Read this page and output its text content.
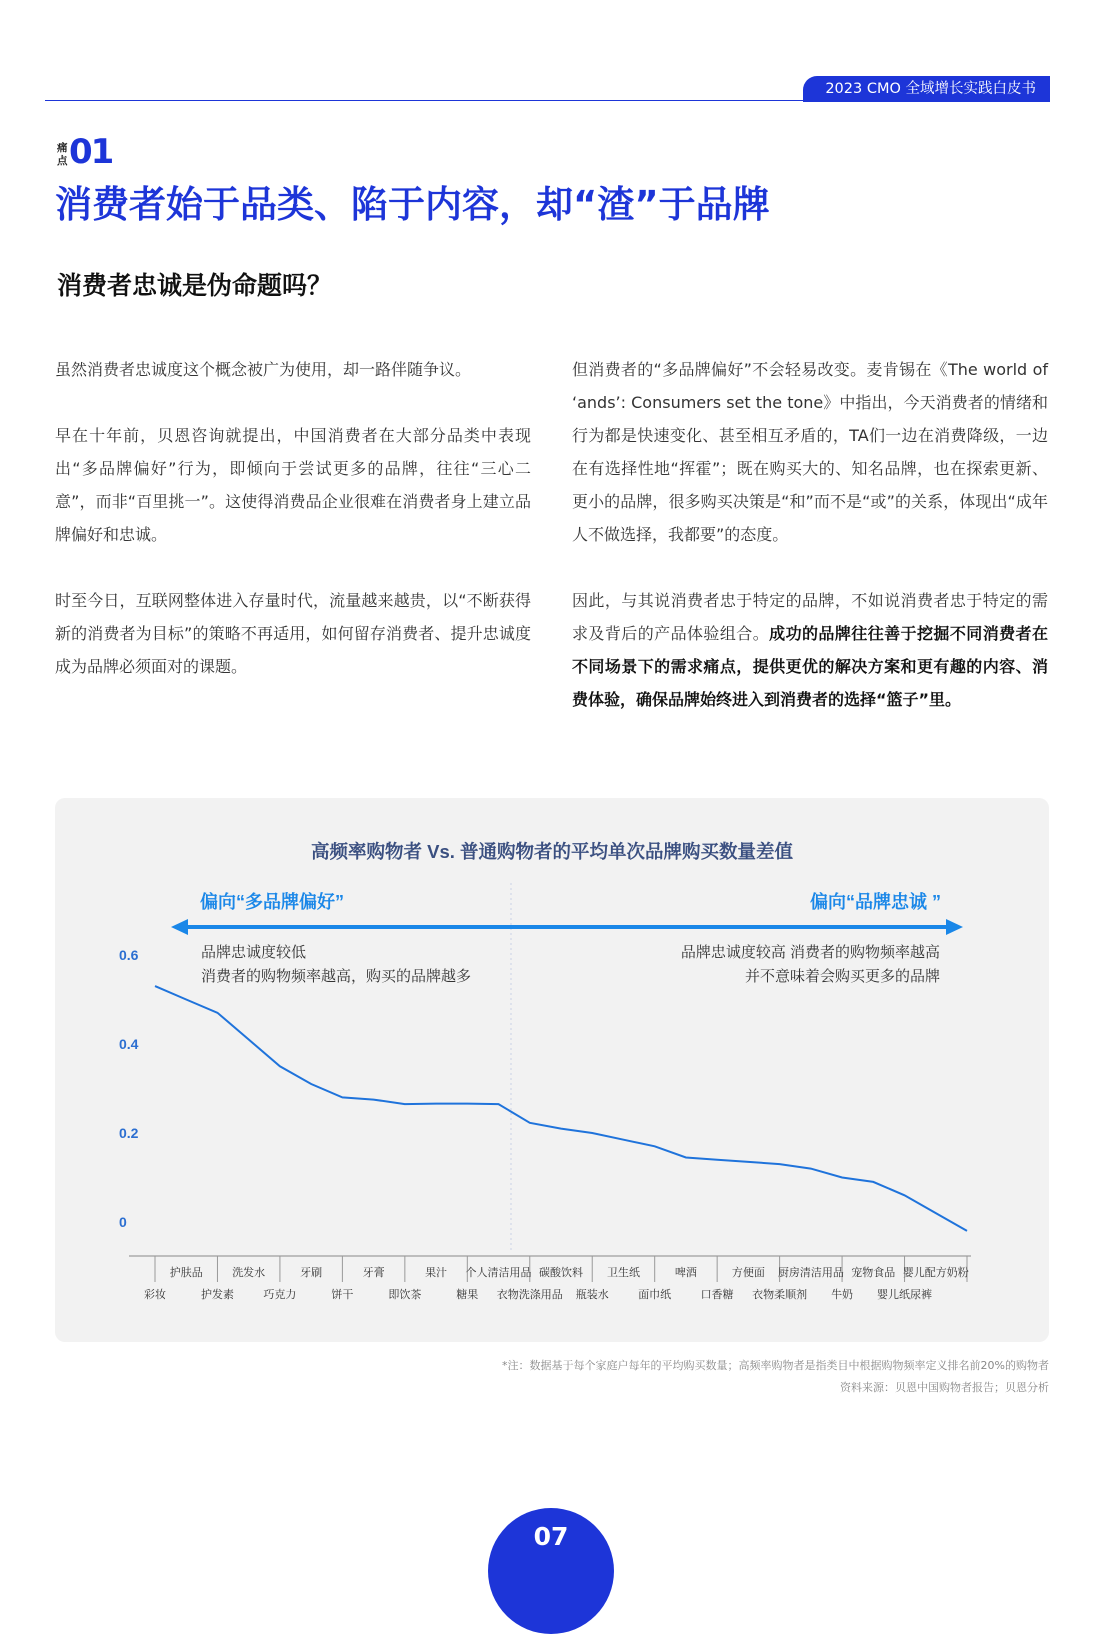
2023 CMO 全域增长实践白皮书
痛点 01
消费者始于品类、陷于内容，却“渣”于品牌
消费者忠诚是伪命题吗？

虽然消费者忠诚度这个概念被广为使用，却一路伴随争议。

早在十年前，贝恩咨询就提出，中国消费者在大部分品类中表现出“多品牌偏好”行为，即倾向于尝试更多的品牌，往往“三心二意”，而非“百里挑一”。这使得消费品企业很难在消费者身上建立品牌偏好和忠诚。

时至今日，互联网整体进入存量时代，流量越来越贵，以“不断获得新的消费者为目标”的策略不再适用，如何留存消费者、提升忠诚度成为品牌必须面对的课题。

但消费者的“多品牌偏好”不会轻易改变。麦肯锡在《The world of ‘ands’: Consumers set the tone》中指出，今天消费者的情绪和行为都是快速变化、甚至相互矛盾的，TA们一边在消费降级，一边在有选择性地“挥霍”；既在购买大的、知名品牌，也在探索更新、更小的品牌，很多购买决策是“和”而不是“或”的关系，体现出“成年人不做选择，我都要”的态度。

因此，与其说消费者忠于特定的品牌，不如说消费者忠于特定的需求及背后的产品体验组合。成功的品牌往往善于挖掘不同消费者在不同场景下的需求痛点，提供更优的解决方案和更有趣的内容、消费体验，确保品牌始终进入到消费者的选择“篮子”里。

高频率购物者 Vs. 普通购物者的平均单次品牌购买数量差值
偏向“多品牌偏好”	偏向“品牌忠诚 ”
品牌忠诚度较低
消费者的购物频率越高，购买的品牌越多
品牌忠诚度较高 消费者的购物频率越高
并不意味着会购买更多的品牌
0.6
0.4
0.2
0
护肤品	洗发水	牙刷	牙膏	果汁 个人清洁用品 碳酸饮料 卫生纸	啤酒	方便面 厨房清洁用品 宠物食品 婴儿配方奶粉
彩妆	护发素	巧克力	饼干	即饮茶	糖果 衣物洗涤用品 瓶装水	面巾纸	口香糖 衣物柔顺剂 牛奶 婴儿纸尿裤
*注：数据基于每个家庭户每年的平均购买数量；高频率购物者是指类目中根据购物频率定义排名前20%的购物者
资料来源：贝恩中国购物者报告；贝恩分析
07
